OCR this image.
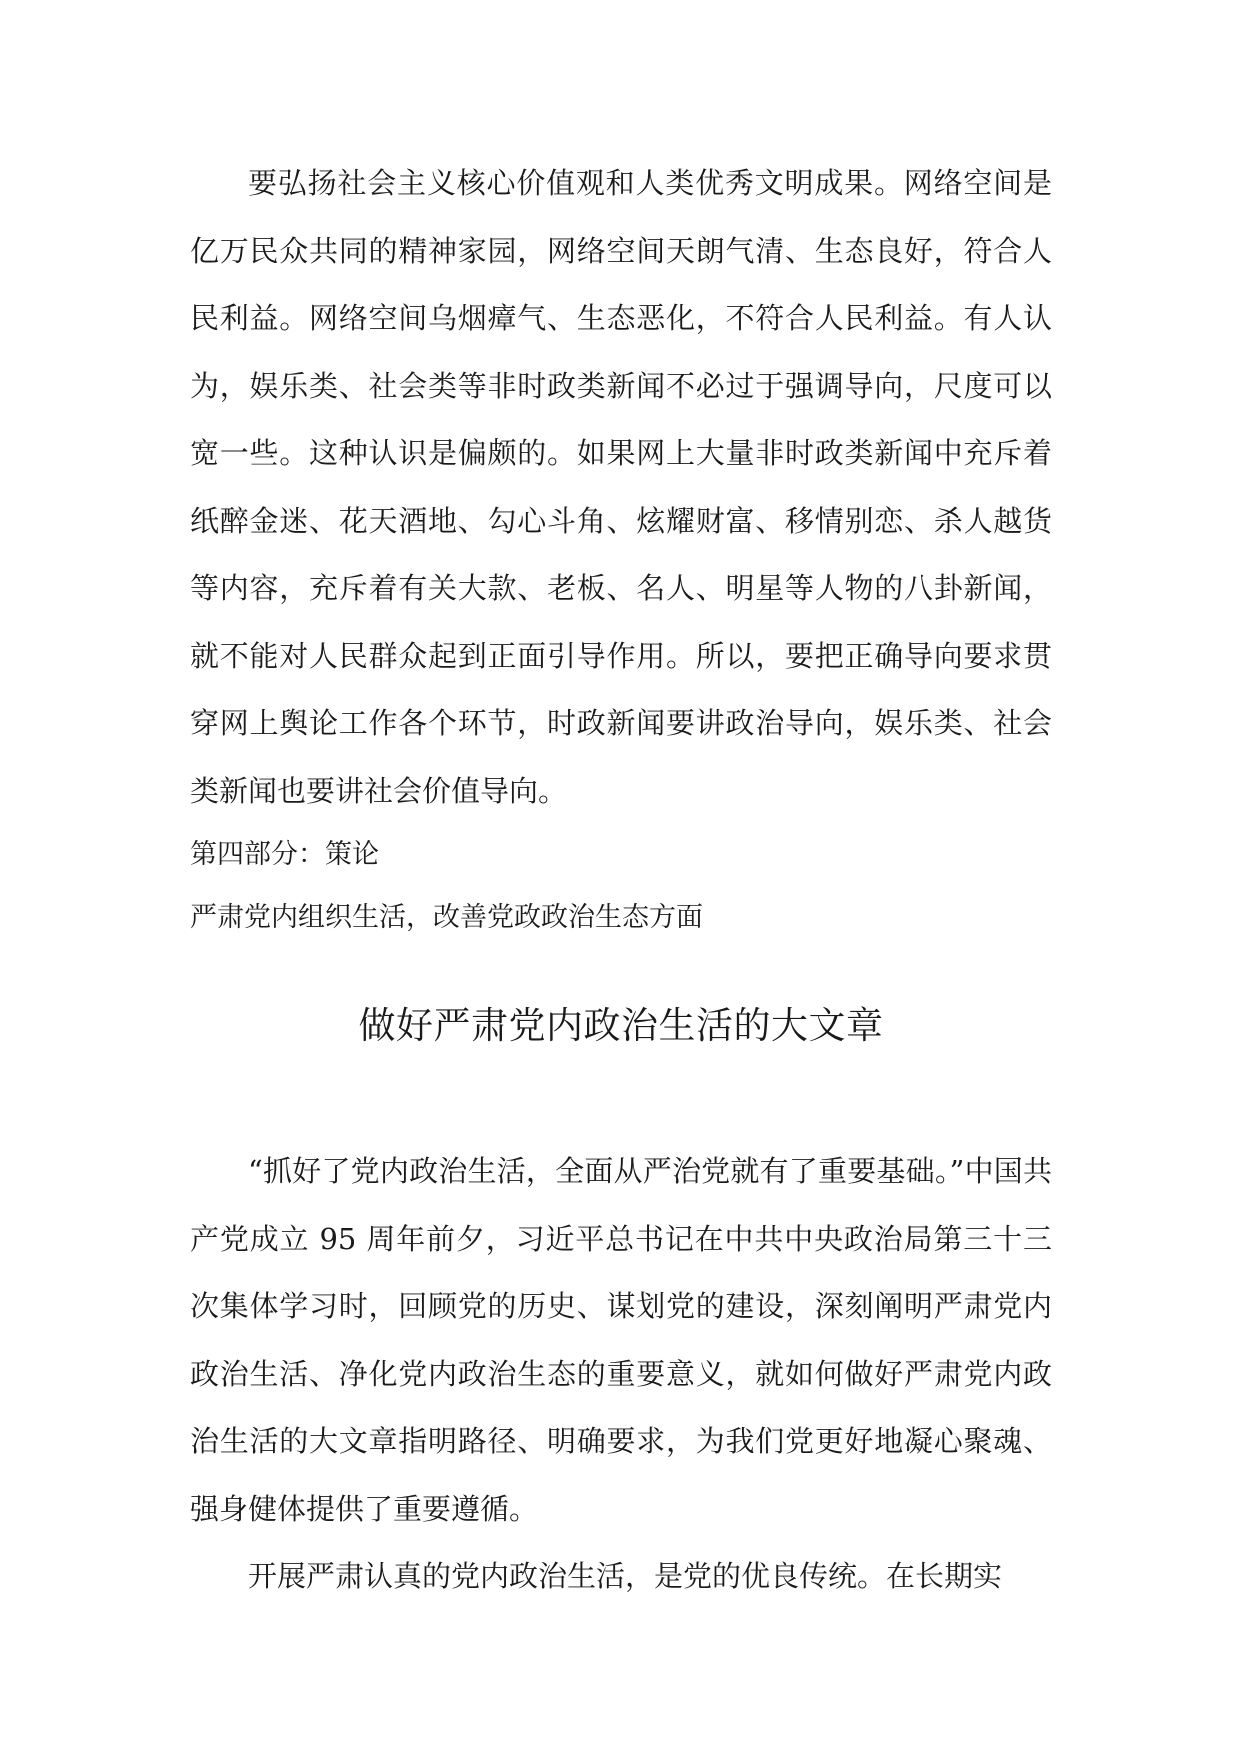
要弘扬社会主义核心价值观和人类优秀文明成果。网络空间是亿万民众共同的精神家园，网络空间天朗气清、生态良好，符合人民利益。网络空间乌烟瘴气、生态恶化，不符合人民利益。有人认为，娱乐类、社会类等非时政类新闻不必过于强调导向，尺度可以宽一些。这种认识是偏颇的。如果网上大量非时政类新闻中充斥着纸醉金迷、花天酒地、勾心斗角、炫耀财富、移情别恋、杀人越货等内容，充斥着有关大款、老板、名人、明星等人物的八卦新闻，就不能对人民群众起到正面引导作用。所以，要把正确导向要求贯穿网上舆论工作各个环节，时政新闻要讲政治导向，娱乐类、社会类新闻也要讲社会价值导向。

第四部分：策论

严肃党内组织生活，改善党政政治生态方面

做好严肃党内政治生活的大文章

“抓好了党内政治生活，全面从严治党就有了重要基础。”中国共产党成立 95 周年前夕，习近平总书记在中共中央政治局第三十三次集体学习时，回顾党的历史、谋划党的建设，深刻阐明严肃党内政治生活、净化党内政治生态的重要意义，就如何做好严肃党内政治生活的大文章指明路径、明确要求，为我们党更好地凝心聚魂、强身健体提供了重要遵循。

开展严肃认真的党内政治生活，是党的优良传统。在长期实
